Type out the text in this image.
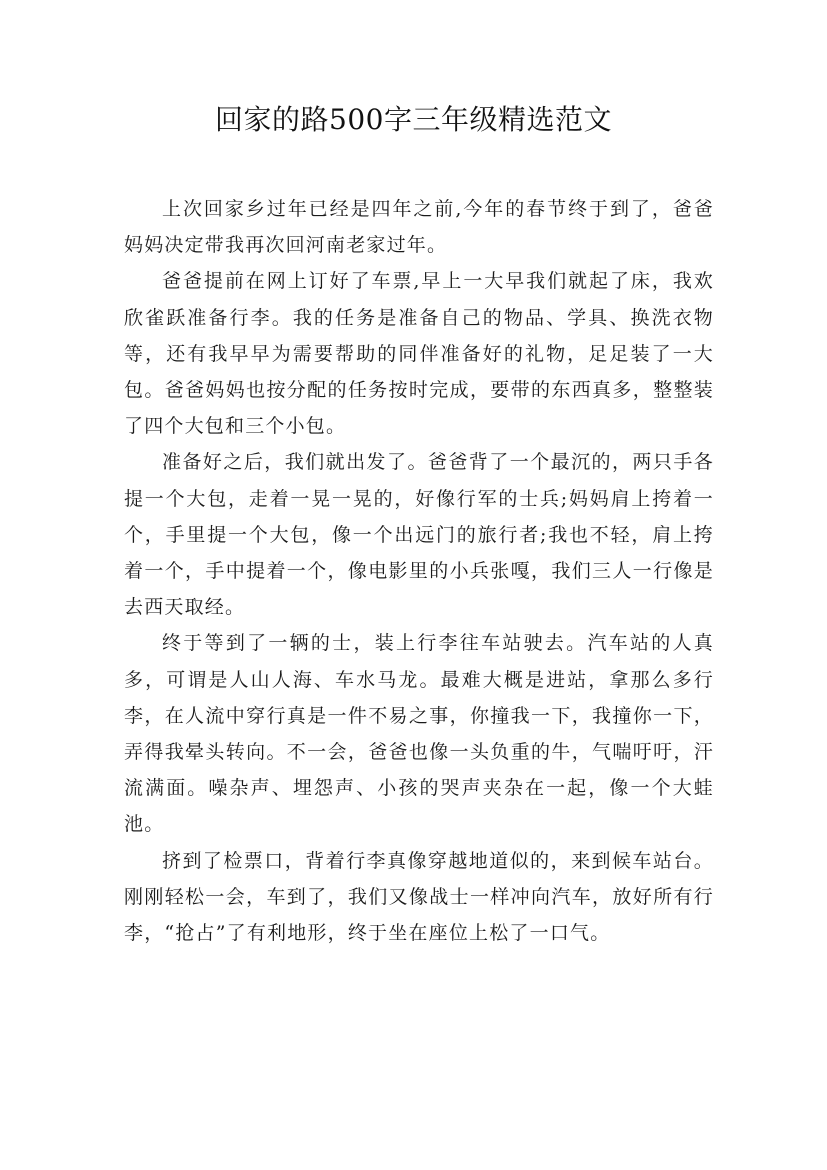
回家的路500字三年级精选范文

上次回家乡过年已经是四年之前,今年的春节终于到了，爸爸妈妈决定带我再次回河南老家过年。

爸爸提前在网上订好了车票,早上一大早我们就起了床，我欢欣雀跃准备行李。我的任务是准备自己的物品、学具、换洗衣物等，还有我早早为需要帮助的同伴准备好的礼物，足足装了一大包。爸爸妈妈也按分配的任务按时完成，要带的东西真多，整整装了四个大包和三个小包。

准备好之后，我们就出发了。爸爸背了一个最沉的，两只手各提一个大包，走着一晃一晃的，好像行军的士兵;妈妈肩上挎着一个，手里提一个大包，像一个出远门的旅行者;我也不轻，肩上挎着一个，手中提着一个，像电影里的小兵张嘎，我们三人一行像是去西天取经。

终于等到了一辆的士，装上行李往车站驶去。汽车站的人真多，可谓是人山人海、车水马龙。最难大概是进站，拿那么多行李，在人流中穿行真是一件不易之事，你撞我一下，我撞你一下，弄得我晕头转向。不一会，爸爸也像一头负重的牛，气喘吁吁，汗流满面。噪杂声、埋怨声、小孩的哭声夹杂在一起，像一个大蛙池。

挤到了检票口，背着行李真像穿越地道似的，来到候车站台。刚刚轻松一会，车到了，我们又像战士一样冲向汽车，放好所有行李，“抢占”了有利地形，终于坐在座位上松了一口气。
